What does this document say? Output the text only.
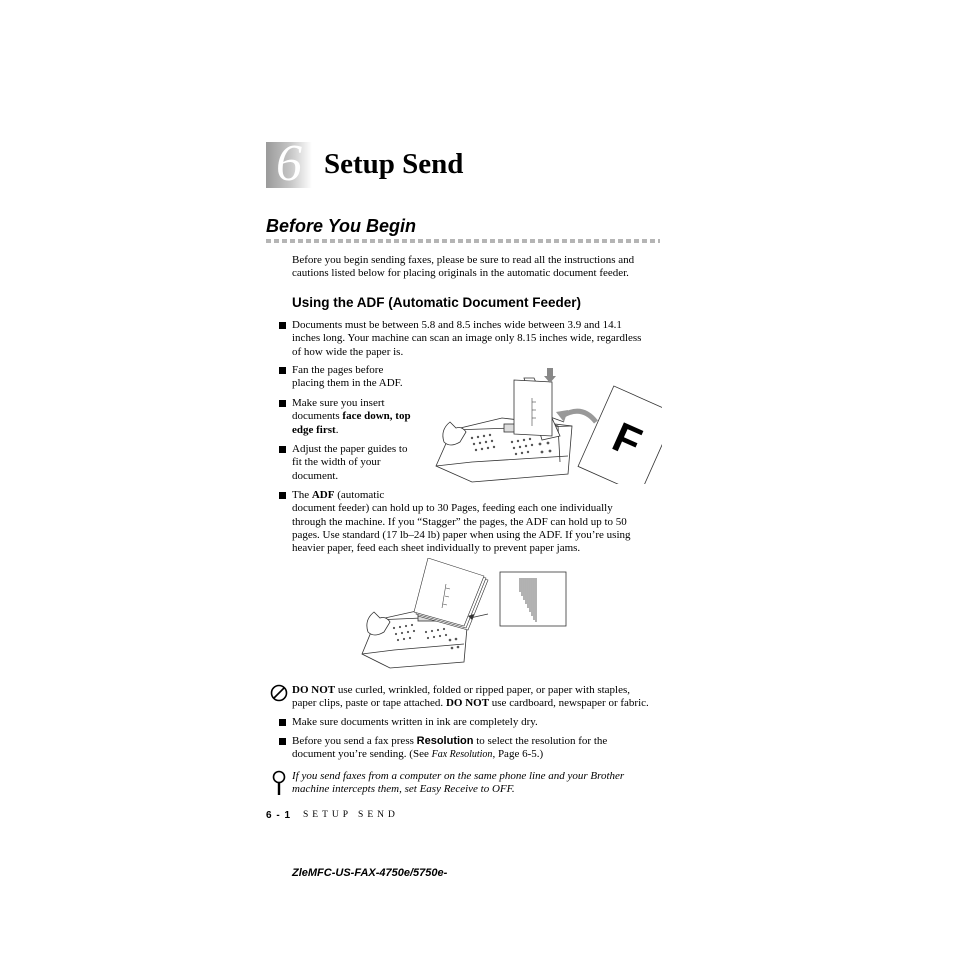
6 Setup Send
Before You Begin
Before you begin sending faxes, please be sure to read all the instructions and
cautions listed below for placing originals in the automatic document feeder.
Using the ADF (Automatic Document Feeder)
Documents must be between 5.8 and 8.5 inches wide between 3.9 and 14.1
inches long. Your machine can scan an image only 8.15 inches wide, regardless
of how wide the paper is.
Fan the pages before
placing them in the ADF.
Make sure you insert
documents face down, top
edge first.
Adjust the paper guides to
fit the width of your
document.
F
The ADF (automatic
document feeder) can hold up to 30 Pages, feeding each one individually
through the machine. If you “Stagger” the pages, the ADF can hold up to 50
pages. Use standard (17 lb–24 lb) paper when using the ADF. If you’re using
heavier paper, feed each sheet individually to prevent paper jams.
DO NOT use curled, wrinkled, folded or ripped paper, or paper with staples,
paper clips, paste or tape attached. DO NOT use cardboard, newspaper or fabric.
Make sure documents written in ink are completely dry.
Before you send a fax press Resolution to select the resolution for the
document you’re sending. (See Fax Resolution, Page 6-5.)
If you send faxes from a computer on the same phone line and your Brother
machine intercepts them, set Easy Receive to OFF.
6 - 1 SETUP SEND
ZleMFC-US-FAX-4750e/5750e-
